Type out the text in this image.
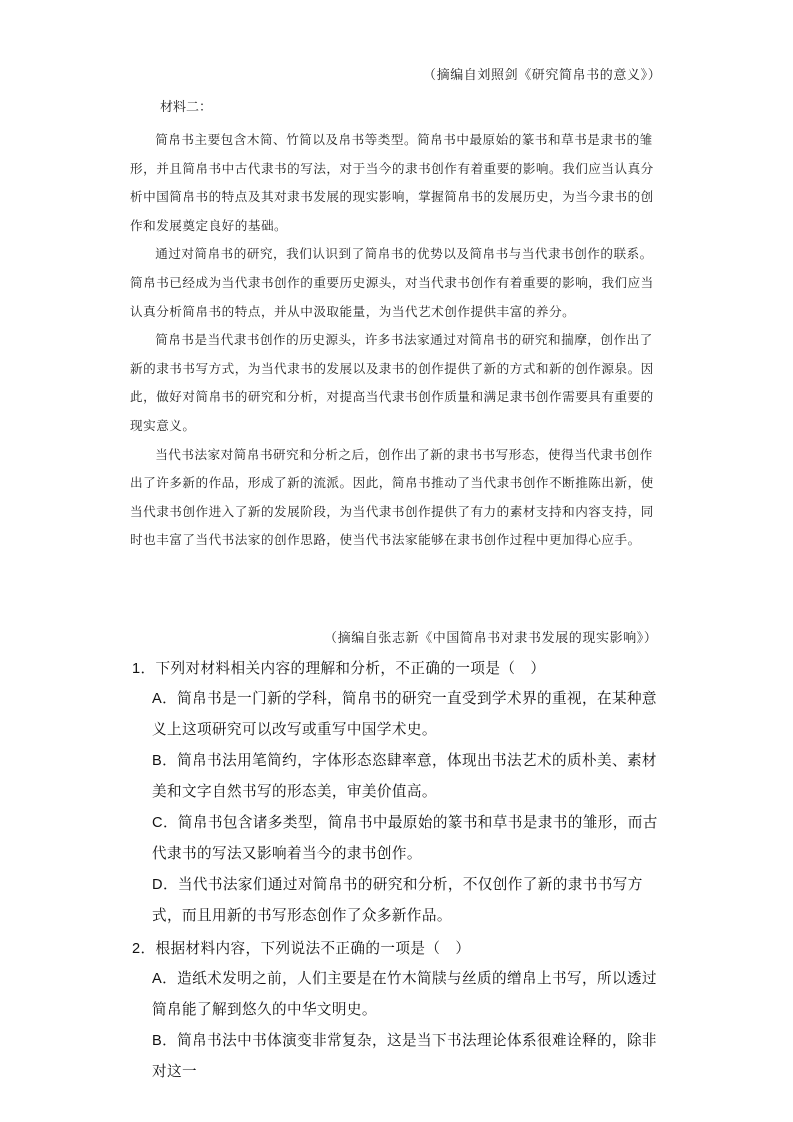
（摘编自刘照剑《研究简帛书的意义》）
材料二：

简帛书主要包含木简、竹简以及帛书等类型。简帛书中最原始的篆书和草书是隶书的雏形，并且简帛书中古代隶书的写法，对于当今的隶书创作有着重要的影响。我们应当认真分析中国简帛书的特点及其对隶书发展的现实影响，掌握简帛书的发展历史，为当今隶书的创作和发展奠定良好的基础。

通过对简帛书的研究，我们认识到了简帛书的优势以及简帛书与当代隶书创作的联系。简帛书已经成为当代隶书创作的重要历史源头，对当代隶书创作有着重要的影响，我们应当认真分析简帛书的特点，并从中汲取能量，为当代艺术创作提供丰富的养分。

简帛书是当代隶书创作的历史源头，许多书法家通过对简帛书的研究和揣摩，创作出了新的隶书书写方式，为当代隶书的发展以及隶书的创作提供了新的方式和新的创作源泉。因此，做好对简帛书的研究和分析，对提高当代隶书创作质量和满足隶书创作需要具有重要的现实意义。

当代书法家对简帛书研究和分析之后，创作出了新的隶书书写形态，使得当代隶书创作出了许多新的作品，形成了新的流派。因此，简帛书推动了当代隶书创作不断推陈出新，使当代隶书创作进入了新的发展阶段，为当代隶书创作提供了有力的素材支持和内容支持，同时也丰富了当代书法家的创作思路，使当代书法家能够在隶书创作过程中更加得心应手。

（摘编自张志新《中国简帛书对隶书发展的现实影响》）

1．下列对材料相关内容的理解和分析，不正确的一项是（　）

A．简帛书是一门新的学科，简帛书的研究一直受到学术界的重视，在某种意义上这项研究可以改写或重写中国学术史。

B．简帛书法用笔简约，字体形态恣肆率意，体现出书法艺术的质朴美、素材美和文字自然书写的形态美，审美价值高。

C．简帛书包含诸多类型，简帛书中最原始的篆书和草书是隶书的雏形，而古代隶书的写法又影响着当今的隶书创作。

D．当代书法家们通过对简帛书的研究和分析，不仅创作了新的隶书书写方式，而且用新的书写形态创作了众多新作品。

2．根据材料内容，下列说法不正确的一项是（　）

A．造纸术发明之前，人们主要是在竹木简牍与丝质的缯帛上书写，所以透过简帛能了解到悠久的中华文明史。

B．简帛书法中书体演变非常复杂，这是当下书法理论体系很难诠释的，除非对这一
